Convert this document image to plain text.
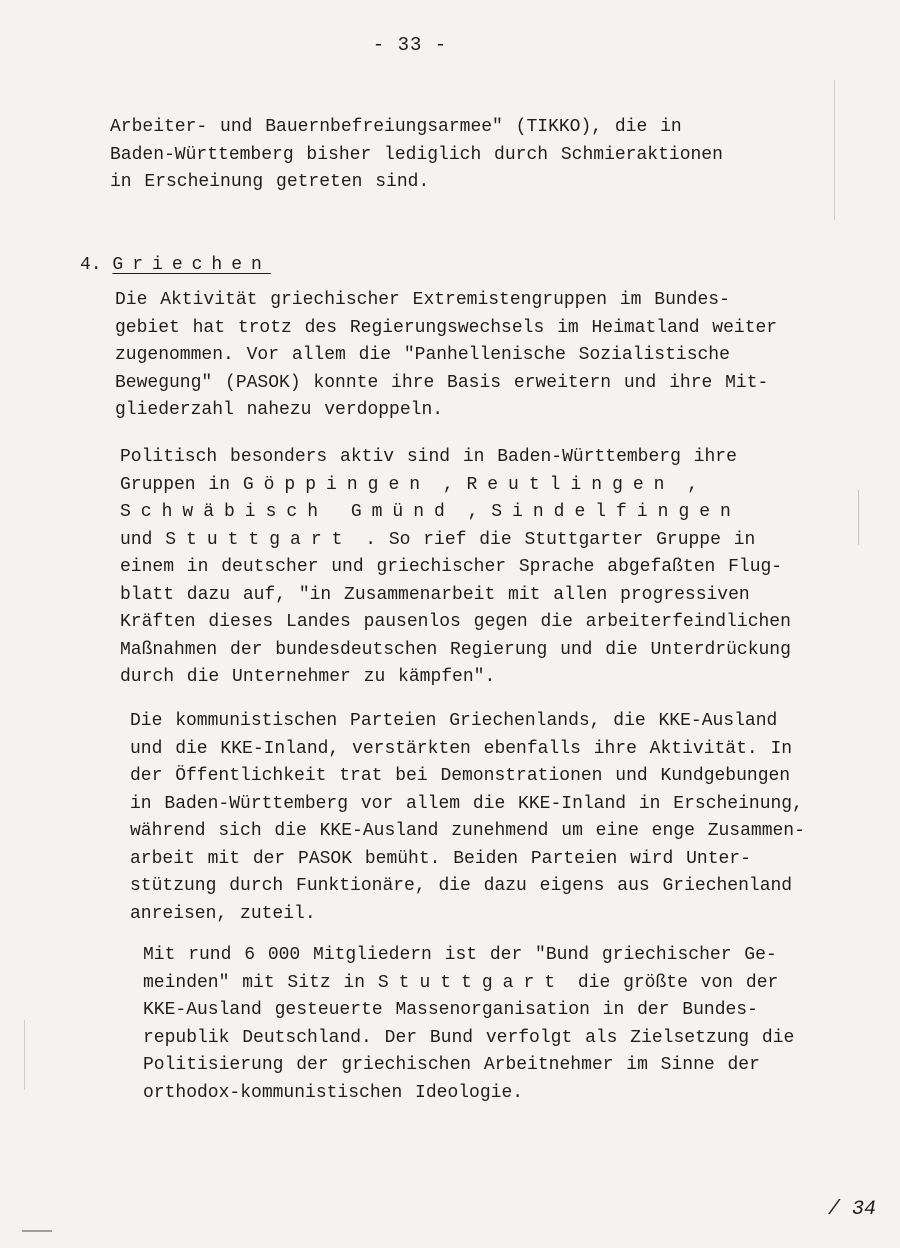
- 33 -

Arbeiter- und Bauernbefreiungsarmee" (TIKKO), die in
Baden-Württemberg bisher lediglich durch Schmieraktionen
in Erscheinung getreten sind.

4. Griechen

Die Aktivität griechischer Extremistengruppen im Bundes-
gebiet hat trotz des Regierungswechsels im Heimatland weiter
zugenommen. Vor allem die "Panhellenische Sozialistische
Bewegung" (PASOK) konnte ihre Basis erweitern und ihre Mit-
gliederzahl nahezu verdoppeln.

Politisch besonders aktiv sind in Baden-Württemberg ihre
Gruppen in Göppingen , Reutlingen ,
Schwäbisch Gmünd , Sindelfingen
und Stuttgart . So rief die Stuttgarter Gruppe in
einem in deutscher und griechischer Sprache abgefaßten Flug-
blatt dazu auf, "in Zusammenarbeit mit allen progressiven
Kräften dieses Landes pausenlos gegen die arbeiterfeindlichen
Maßnahmen der bundesdeutschen Regierung und die Unterdrückung
durch die Unternehmer zu kämpfen".

Die kommunistischen Parteien Griechenlands, die KKE-Ausland
und die KKE-Inland, verstärkten ebenfalls ihre Aktivität. In
der Öffentlichkeit trat bei Demonstrationen und Kundgebungen
in Baden-Württemberg vor allem die KKE-Inland in Erscheinung,
während sich die KKE-Ausland zunehmend um eine enge Zusammen-
arbeit mit der PASOK bemüht. Beiden Parteien wird Unter-
stützung durch Funktionäre, die dazu eigens aus Griechenland
anreisen, zuteil.

Mit rund 6 000 Mitgliedern ist der "Bund griechischer Ge-
meinden" mit Sitz in Stuttgart die größte von der
KKE-Ausland gesteuerte Massenorganisation in der Bundes-
republik Deutschland. Der Bund verfolgt als Zielsetzung die
Politisierung der griechischen Arbeitnehmer im Sinne der
orthodox-kommunistischen Ideologie.

/ 34
